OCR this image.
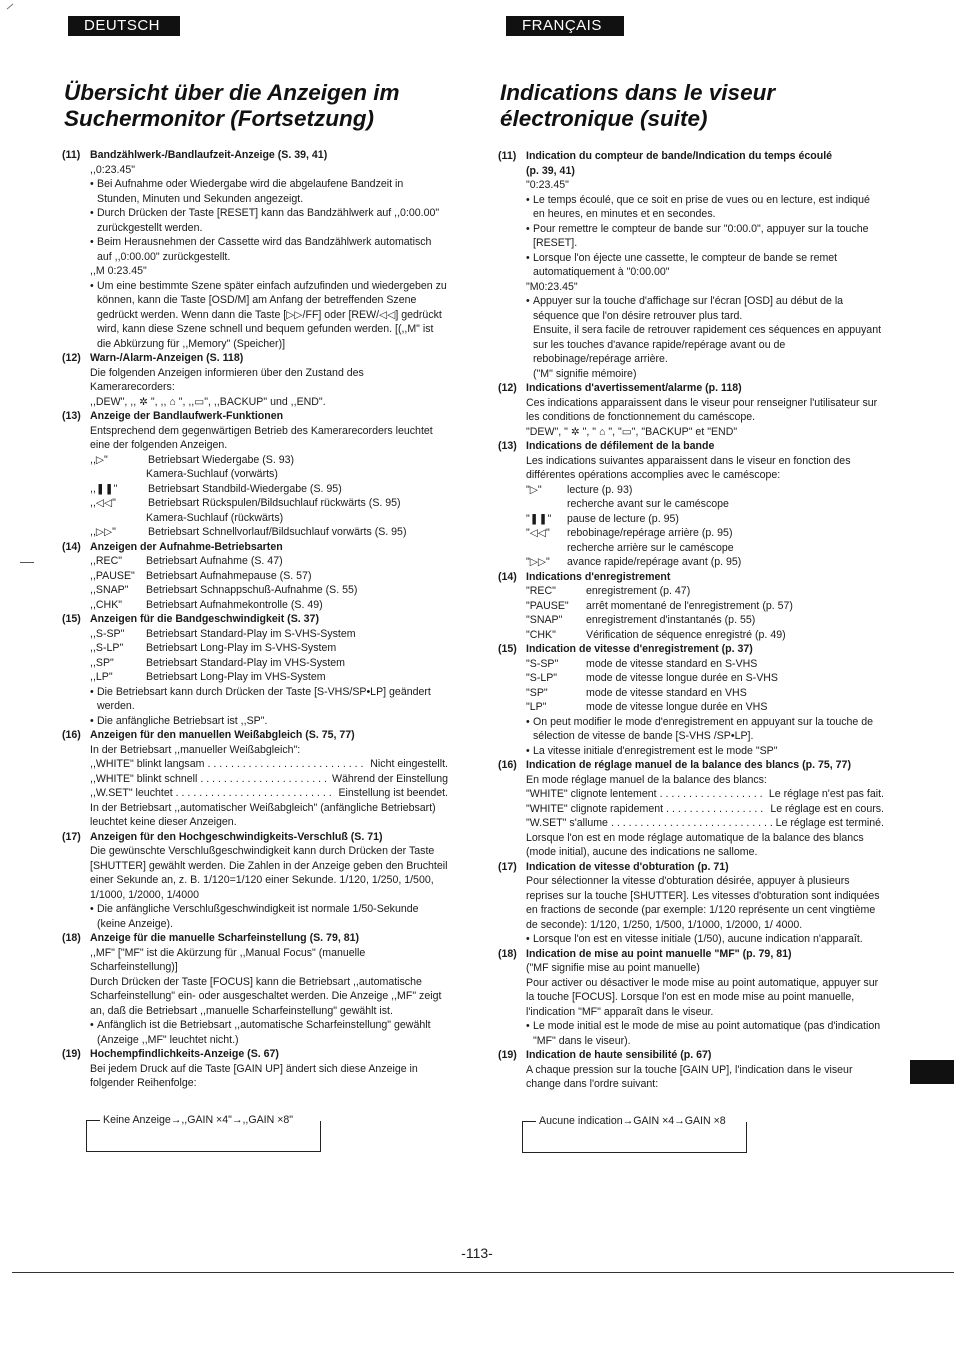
DEUTSCH
Übersicht über die Anzeigen im
Suchermonitor (Fortsetzung)
(11) Bandzählwerk-/Bandlaufzeit-Anzeige (S. 39, 41)
,,0:23.45"
• Bei Aufnahme oder Wiedergabe wird die abgelaufene Bandzeit in Stunden, Minuten und Sekunden angezeigt.
• Durch Drücken der Taste [RESET] kann das Bandzählwerk auf ,,0:00.00" zurückgestellt werden.
• Beim Herausnehmen der Cassette wird das Bandzählwerk automatisch auf ,,0:00.00" zurückgestellt.
,,M 0:23.45"
• Um eine bestimmte Szene später einfach aufzufinden und wiedergeben zu können, kann die Taste [OSD/M] am Anfang der betreffenden Szene gedrückt werden. Wenn dann die Taste [▷▷/FF] oder [REW/◁◁] gedrückt wird, kann diese Szene schnell und bequem gefunden werden. [(,,M" ist die Abkürzung für ,,Memory" (Speicher)]
(12) Warn-/Alarm-Anzeigen (S. 118)
Die folgenden Anzeigen informieren über den Zustand des Kamerarecorders:
,,DEW", ,, ✲ ", ,, ⌂ ", ,,▭", ,,BACKUP" und ,,END".
(13) Anzeige der Bandlaufwerk-Funktionen
Entsprechend dem gegenwärtigen Betrieb des Kamerarecorders leuchtet eine der folgenden Anzeigen.
,,▷"	Betriebsart Wiedergabe (S. 93)
Kamera-Suchlauf (vorwärts)
,,❚❚"	Betriebsart Standbild-Wiedergabe (S. 95)
,,◁◁"	Betriebsart Rückspulen/Bildsuchlauf rückwärts (S. 95)
Kamera-Suchlauf (rückwärts)
,,▷▷"	Betriebsart Schnellvorlauf/Bildsuchlauf vorwärts (S. 95)
(14) Anzeigen der Aufnahme-Betriebsarten
,,REC"	Betriebsart Aufnahme (S. 47)
,,PAUSE"	Betriebsart Aufnahmepause (S. 57)
,,SNAP"	Betriebsart Schnappschuß-Aufnahme (S. 55)
,,CHK"	Betriebsart Aufnahmekontrolle (S. 49)
(15) Anzeigen für die Bandgeschwindigkeit (S. 37)
,,S-SP"	Betriebsart Standard-Play im S-VHS-System
,,S-LP"	Betriebsart Long-Play im S-VHS-System
,,SP"	Betriebsart Standard-Play im VHS-System
,,LP"	Betriebsart Long-Play im VHS-System
• Die Betriebsart kann durch Drücken der Taste [S-VHS/SP•LP] geändert werden.
• Die anfängliche Betriebsart ist ,,SP".
(16) Anzeigen für den manuellen Weißabgleich (S. 75, 77)
In der Betriebsart ,,manueller Weißabgleich":
,,WHITE" blinkt langsam . . .	Nicht eingestellt.
,,WHITE" blinkt schnell . . .	Während der Einstellung
,,W.SET" leuchtet . . .	Einstellung ist beendet.
In der Betriebsart ,,automatischer Weißabgleich" (anfängliche Betriebsart) leuchtet keine dieser Anzeigen.
(17) Anzeigen für den Hochgeschwindigkeits-Verschluß (S. 71)
Die gewünschte Verschlußgeschwindigkeit kann durch Drücken der Taste [SHUTTER] gewählt werden. Die Zahlen in der Anzeige geben den Bruchteil einer Sekunde an, z. B. 1/120=1/120 einer Sekunde. 1/120, 1/250, 1/500, 1/1000, 1/2000, 1/4000
• Die anfängliche Verschlußgeschwindigkeit ist normale 1/50-Sekunde (keine Anzeige).
(18) Anzeige für die manuelle Scharfeinstellung (S. 79, 81)
,,MF" ["MF" ist die Akürzung für ,,Manual Focus" (manuelle Scharfeinstellung)]
Durch Drücken der Taste [FOCUS] kann die Betriebsart ,,automatische Scharfeinstellung" ein- oder ausgeschaltet werden. Die Anzeige ,,MF" zeigt an, daß die Betriebsart ,,manuelle Scharfeinstellung" gewählt ist.
• Anfänglich ist die Betriebsart ,,automatische Scharfeinstellung" gewählt (Anzeige ,,MF" leuchtet nicht.)
(19) Hochempfindlichkeits-Anzeige (S. 67)
Bei jedem Druck auf die Taste [GAIN UP] ändert sich diese Anzeige in folgender Reihenfolge:
Keine Anzeige→,,GAIN ×4"→,,GAIN ×8"
FRANÇAIS
Indications dans le viseur
électronique (suite)
(11) Indication du compteur de bande/Indication du temps écoulé
(p. 39, 41)
"0:23.45"
• Le temps écoulé, que ce soit en prise de vues ou en lecture, est indiqué en heures, en minutes et en secondes.
• Pour remettre le compteur de bande sur "0:00.0", appuyer sur la touche [RESET].
• Lorsque l'on éjecte une cassette, le compteur de bande se remet automatiquement à "0:00.00"
"M0:23.45"
• Appuyer sur la touche d'affichage sur l'écran [OSD] au début de la séquence que l'on désire retrouver plus tard.
Ensuite, il sera facile de retrouver rapidement ces séquences en appuyant sur les touches d'avance rapide/repérage avant ou de rebobinage/repérage arrière.
("M" signifie mémoire)
(12) Indications d'avertissement/alarme (p. 118)
Ces indications apparaissent dans le viseur pour renseigner l'utilisateur sur les conditions de fonctionnement du caméscope.
"DEW", " ✲ ", " ⌂ ", "▭", "BACKUP" et "END"
(13) Indications de défilement de la bande
Les indications suivantes apparaissent dans le viseur en fonction des différentes opérations accomplies avec le caméscope:
"▷"	lecture (p. 93)
recherche avant sur le caméscope
"❚❚"	pause de lecture (p. 95)
"◁◁"	rebobinage/repérage arrière (p. 95)
recherche arrière sur le caméscope
"▷▷"	avance rapide/repérage avant (p. 95)
(14) Indications d'enregistrement
"REC"	enregistrement (p. 47)
"PAUSE"	arrêt momentané de l'enregistrement (p. 57)
"SNAP"	enregistrement d'instantanés (p. 55)
"CHK"	Vérification de séquence enregistré (p. 49)
(15) Indication de vitesse d'enregistrement (p. 37)
"S-SP"	mode de vitesse standard en S-VHS
"S-LP"	mode de vitesse longue durée en S-VHS
"SP"	mode de vitesse standard en VHS
"LP"	mode de vitesse longue durée en VHS
• On peut modifier le mode d'enregistrement en appuyant sur la touche de sélection de vitesse de bande [S-VHS /SP•LP].
• La vitesse initiale d'enregistrement est le mode "SP"
(16) Indication de réglage manuel de la balance des blancs (p. 75, 77)
En mode réglage manuel de la balance des blancs:
"WHITE" clignote lentement . . .	Le réglage n'est pas fait.
"WHITE" clignote rapidement . . .	Le réglage est en cours.
"W.SET" s'allume . . .	Le réglage est terminé.
Lorsque l'on est en mode réglage automatique de la balance des blancs (mode initial), aucune des indications ne sallome.
(17) Indication de vitesse d'obturation (p. 71)
Pour sélectionner la vitesse d'obturation désirée, appuyer à plusieurs reprises sur la touche [SHUTTER]. Les vitesses d'obturation sont indiquées en fractions de seconde (par exemple: 1/120 représente un cent vingtième de seconde): 1/120, 1/250, 1/500, 1/1000, 1/2000, 1/ 4000.
• Lorsque l'on est en vitesse initiale (1/50), aucune indication n'apparaît.
(18) Indication de mise au point manuelle "MF" (p. 79, 81)
("MF signifie mise au point manuelle)
Pour activer ou désactiver le mode mise au point automatique, appuyer sur la touche [FOCUS]. Lorsque l'on est en mode mise au point manuelle, l'indication "MF" apparaît dans le viseur.
• Le mode initial est le mode de mise au point automatique (pas d'indication "MF" dans le viseur).
(19) Indication de haute sensibilité (p. 67)
A chaque pression sur la touche [GAIN UP], l'indication dans le viseur change dans l'ordre suivant:
Aucune indication→GAIN ×4→GAIN ×8
-113-
